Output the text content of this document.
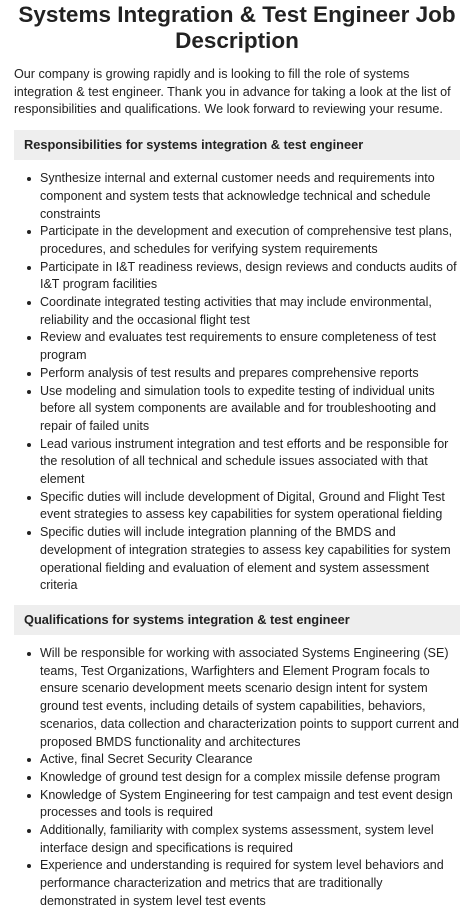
Systems Integration & Test Engineer Job Description

Our company is growing rapidly and is looking to fill the role of systems integration & test engineer. Thank you in advance for taking a look at the list of responsibilities and qualifications. We look forward to reviewing your resume.

Responsibilities for systems integration & test engineer
Synthesize internal and external customer needs and requirements into component and system tests that acknowledge technical and schedule constraints
Participate in the development and execution of comprehensive test plans, procedures, and schedules for verifying system requirements
Participate in I&T readiness reviews, design reviews and conducts audits of I&T program facilities
Coordinate integrated testing activities that may include environmental, reliability and the occasional flight test
Review and evaluates test requirements to ensure completeness of test program
Perform analysis of test results and prepares comprehensive reports
Use modeling and simulation tools to expedite testing of individual units before all system components are available and for troubleshooting and repair of failed units
Lead various instrument integration and test efforts and be responsible for the resolution of all technical and schedule issues associated with that element
Specific duties will include development of Digital, Ground and Flight Test event strategies to assess key capabilities for system operational fielding
Specific duties will include integration planning of the BMDS and development of integration strategies to assess key capabilities for system operational fielding and evaluation of element and system assessment criteria
Qualifications for systems integration & test engineer
Will be responsible for working with associated Systems Engineering (SE) teams, Test Organizations, Warfighters and Element Program focals to ensure scenario development meets scenario design intent for system ground test events, including details of system capabilities, behaviors, scenarios, data collection and characterization points to support current and proposed BMDS functionality and architectures
Active, final Secret Security Clearance
Knowledge of ground test design for a complex missile defense program
Knowledge of System Engineering for test campaign and test event design processes and tools is required
Additionally, familiarity with complex systems assessment, system level interface design and specifications is required
Experience and understanding is required for system level behaviors and performance characterization and metrics that are traditionally demonstrated in system level test events
